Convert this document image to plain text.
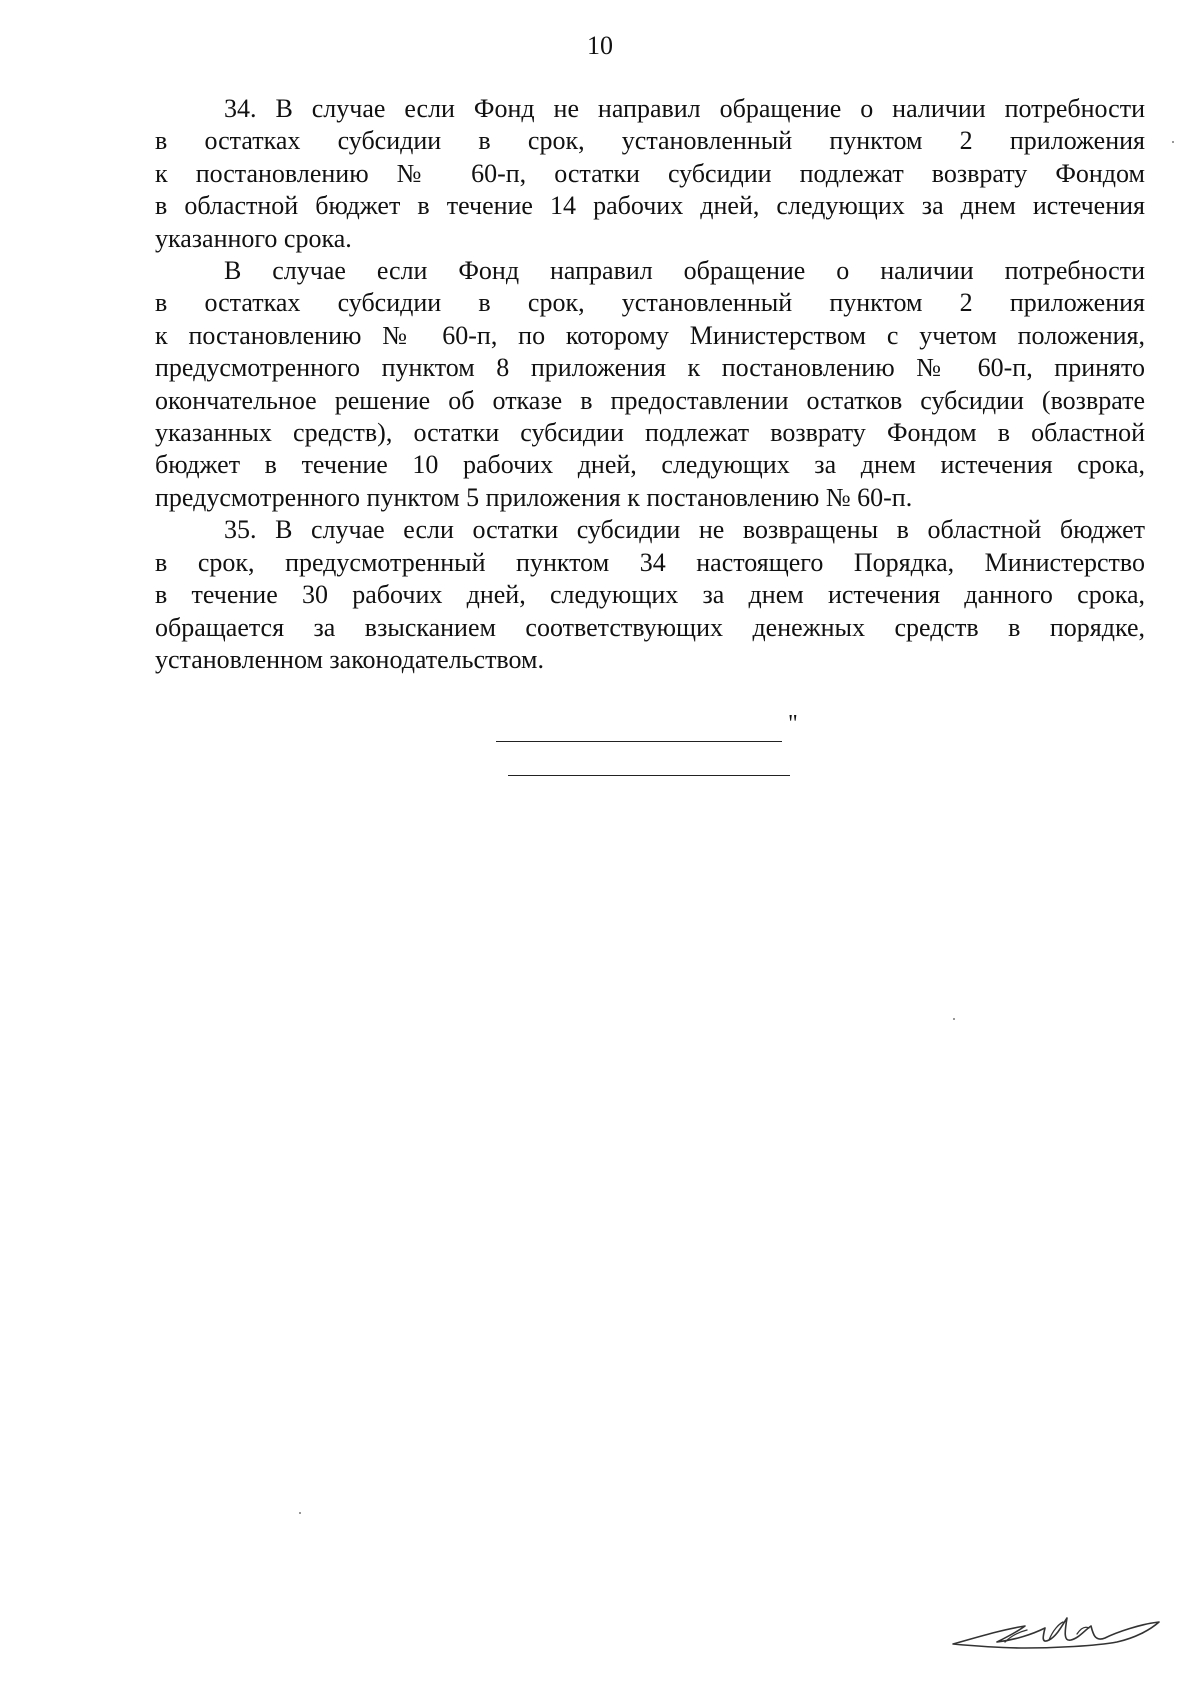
10

34. В случае если Фонд не направил обращение о наличии потребности
в остатках субсидии в срок, установленный пунктом 2 приложения
к постановлению № 60-п, остатки субсидии подлежат возврату Фондом
в областной бюджет в течение 14 рабочих дней, следующих за днем истечения
указанного срока.

В случае если Фонд направил обращение о наличии потребности
в остатках субсидии в срок, установленный пунктом 2 приложения
к постановлению № 60-п, по которому Министерством с учетом положения,
предусмотренного пунктом 8 приложения к постановлению № 60-п, принято
окончательное решение об отказе в предоставлении остатков субсидии (возврате
указанных средств), остатки субсидии подлежат возврату Фондом в областной
бюджет в течение 10 рабочих дней, следующих за днем истечения срока,
предусмотренного пунктом 5 приложения к постановлению № 60-п.

35. В случае если остатки субсидии не возвращены в областной бюджет
в срок, предусмотренный пунктом 34 настоящего Порядка, Министерство
в течение 30 рабочих дней, следующих за днем истечения данного срока,
обращается за взысканием соответствующих денежных средств в порядке,
установленном законодательством.

"
